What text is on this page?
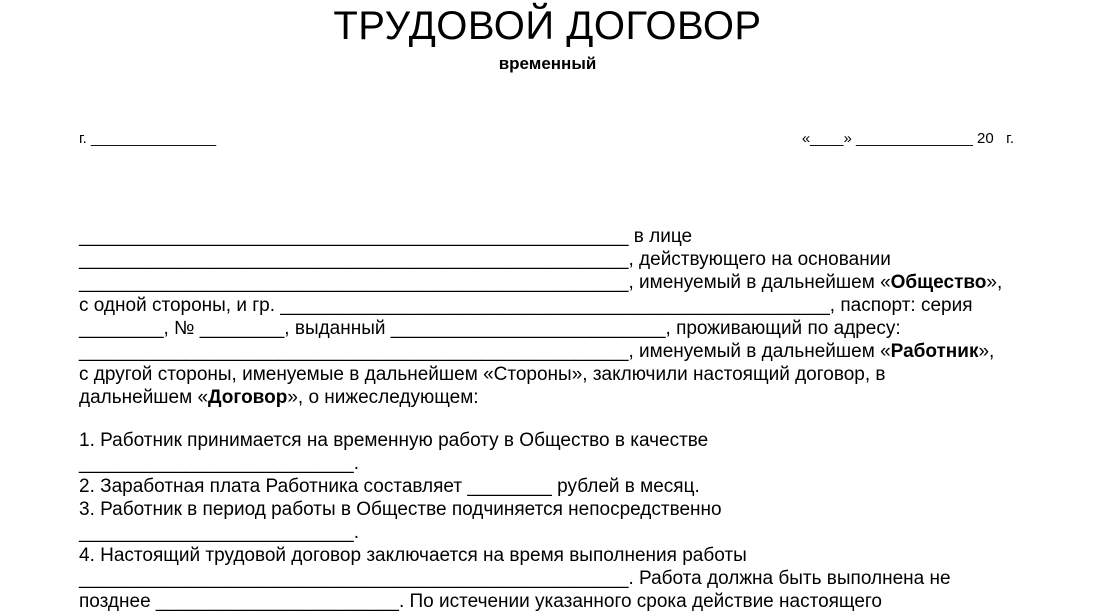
ТРУДОВОЙ ДОГОВОР
временный
г. _______________	«____» ______________ 20   г.
____________________________________________________ в лице
____________________________________________________, действующего на основании
____________________________________________________, именуемый в дальнейшем «Общество»,
с одной стороны, и гр. ____________________________________________________, паспорт: серия
________, № ________, выданный __________________________, проживающий по адресу:
____________________________________________________, именуемый в дальнейшем «Работник»,
с другой стороны, именуемые в дальнейшем «Стороны», заключили настоящий договор, в
дальнейшем «Договор», о нижеследующем:
1. Работник принимается на временную работу в Общество в качестве
__________________________.
2. Заработная плата Работника составляет ________ рублей в месяц.
3. Работник в период работы в Обществе подчиняется непосредственно
__________________________.
4. Настоящий трудовой договор заключается на время выполнения работы
____________________________________________________. Работа должна быть выполнена не
позднее _______________________. По истечении указанного срока действие настоящего
